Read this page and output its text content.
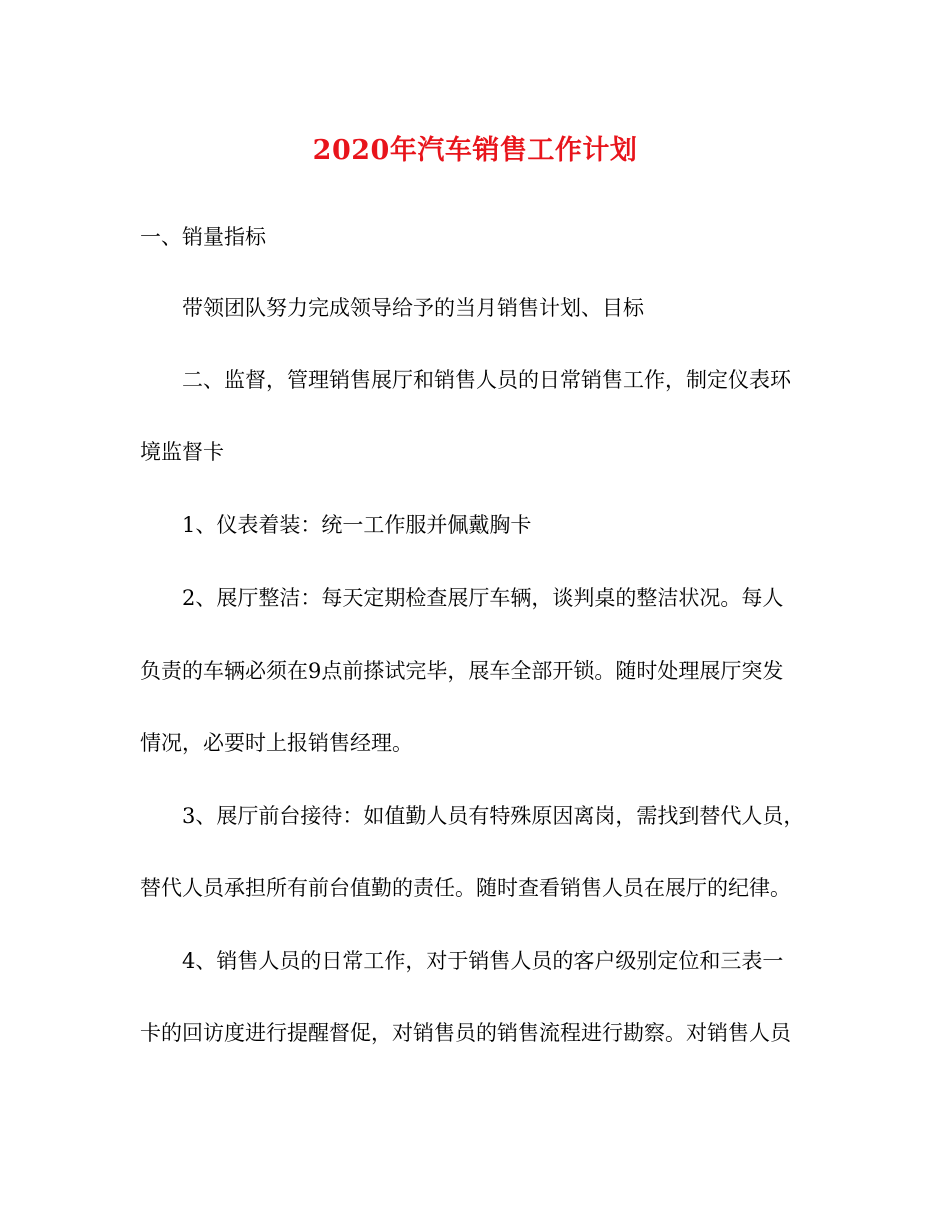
2020年汽车销售工作计划
一、销量指标
带领团队努力完成领导给予的当月销售计划、目标
二、监督，管理销售展厅和销售人员的日常销售工作，制定仪表环
境监督卡
1、仪表着装：统一工作服并佩戴胸卡
2、展厅整洁：每天定期检查展厅车辆，谈判桌的整洁状况。每人
负责的车辆必须在9点前搽试完毕，展车全部开锁。随时处理展厅突发
情况，必要时上报销售经理。
3、展厅前台接待：如值勤人员有特殊原因离岗，需找到替代人员，
替代人员承担所有前台值勤的责任。随时查看销售人员在展厅的纪律。
4、销售人员的日常工作，对于销售人员的客户级别定位和三表一
卡的回访度进行提醒督促，对销售员的销售流程进行勘察。对销售人员
